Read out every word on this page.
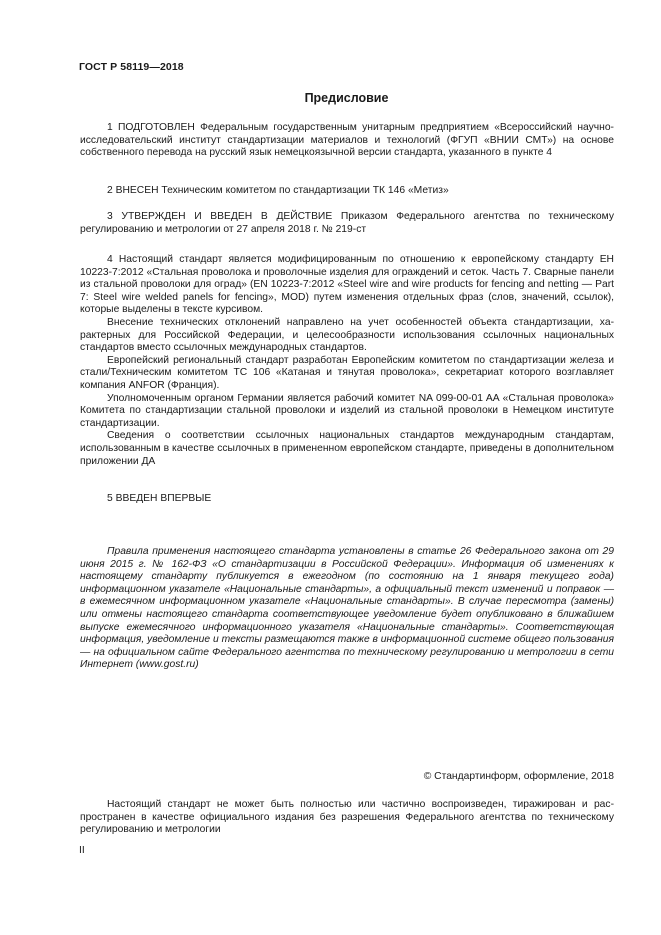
ГОСТ Р 58119—2018
Предисловие

1 ПОДГОТОВЛЕН Федеральным государственным унитарным предприятием «Всероссийский научно-исследовательский институт стандартизации материалов и технологий (ФГУП «ВНИИ СМТ») на основе собственного перевода на русский язык немецкоязычной версии стандарта, указанного в пункте 4

2 ВНЕСЕН Техническим комитетом по стандартизации ТК 146 «Метиз»

3 УТВЕРЖДЕН И ВВЕДЕН В ДЕЙСТВИЕ Приказом Федерального агентства по техническому регулированию и метрологии от 27 апреля 2018 г. № 219-ст

4 Настоящий стандарт является модифицированным по отношению к европейскому стандарту ЕН 10223-7:2012 «Стальная проволока и проволочные изделия для ограждений и сеток. Часть 7. Сварные панели из стальной проволоки для оград» (EN 10223-7:2012 «Steel wire and wire products for fencing and netting — Part 7: Steel wire welded panels for fencing», MOD) путем изменения отдельных фраз (слов, значений, ссылок), которые выделены в тексте курсивом.

Внесение технических отклонений направлено на учет особенностей объекта стандартизации, характерных для Российской Федерации, и целесообразности использования ссылочных национальных стандартов вместо ссылочных международных стандартов.

Европейский региональный стандарт разработан Европейским комитетом по стандартизации железа и стали/Техническим комитетом ТС 106 «Катаная и тянутая проволока», секретариат которого возглавляет компания ANFOR (Франция).

Уполномоченным органом Германии является рабочий комитет NA 099-00-01 AA «Стальная проволока» Комитета по стандартизации стальной проволоки и изделий из стальной проволоки в Немецком институте стандартизации.

Сведения о соответствии ссылочных национальных стандартов международным стандартам, использованным в качестве ссылочных в примененном европейском стандарте, приведены в дополнительном приложении ДА

5 ВВЕДЕН ВПЕРВЫЕ

Правила применения настоящего стандарта установлены в статье 26 Федерального закона от 29 июня 2015 г. № 162-ФЗ «О стандартизации в Российской Федерации». Информация об изменениях к настоящему стандарту публикуется в ежегодном (по состоянию на 1 января текущего года) информационном указателе «Национальные стандарты», а официальный текст изменений и поправок — в ежемесячном информационном указателе «Национальные стандарты». В случае пересмотра (замены) или отмены настоящего стандарта соответствующее уведомление будет опубликовано в ближайшем выпуске ежемесячного информационного указателя «Национальные стандарты». Соответствующая информация, уведомление и тексты размещаются также в информационной системе общего пользования — на официальном сайте Федерального агентства по техническому регулированию и метрологии в сети Интернет (www.gost.ru)

© Стандартинформ, оформление, 2018

Настоящий стандарт не может быть полностью или частично воспроизведен, тиражирован и распространен в качестве официального издания без разрешения Федерального агентства по техническому регулированию и метрологии

II
